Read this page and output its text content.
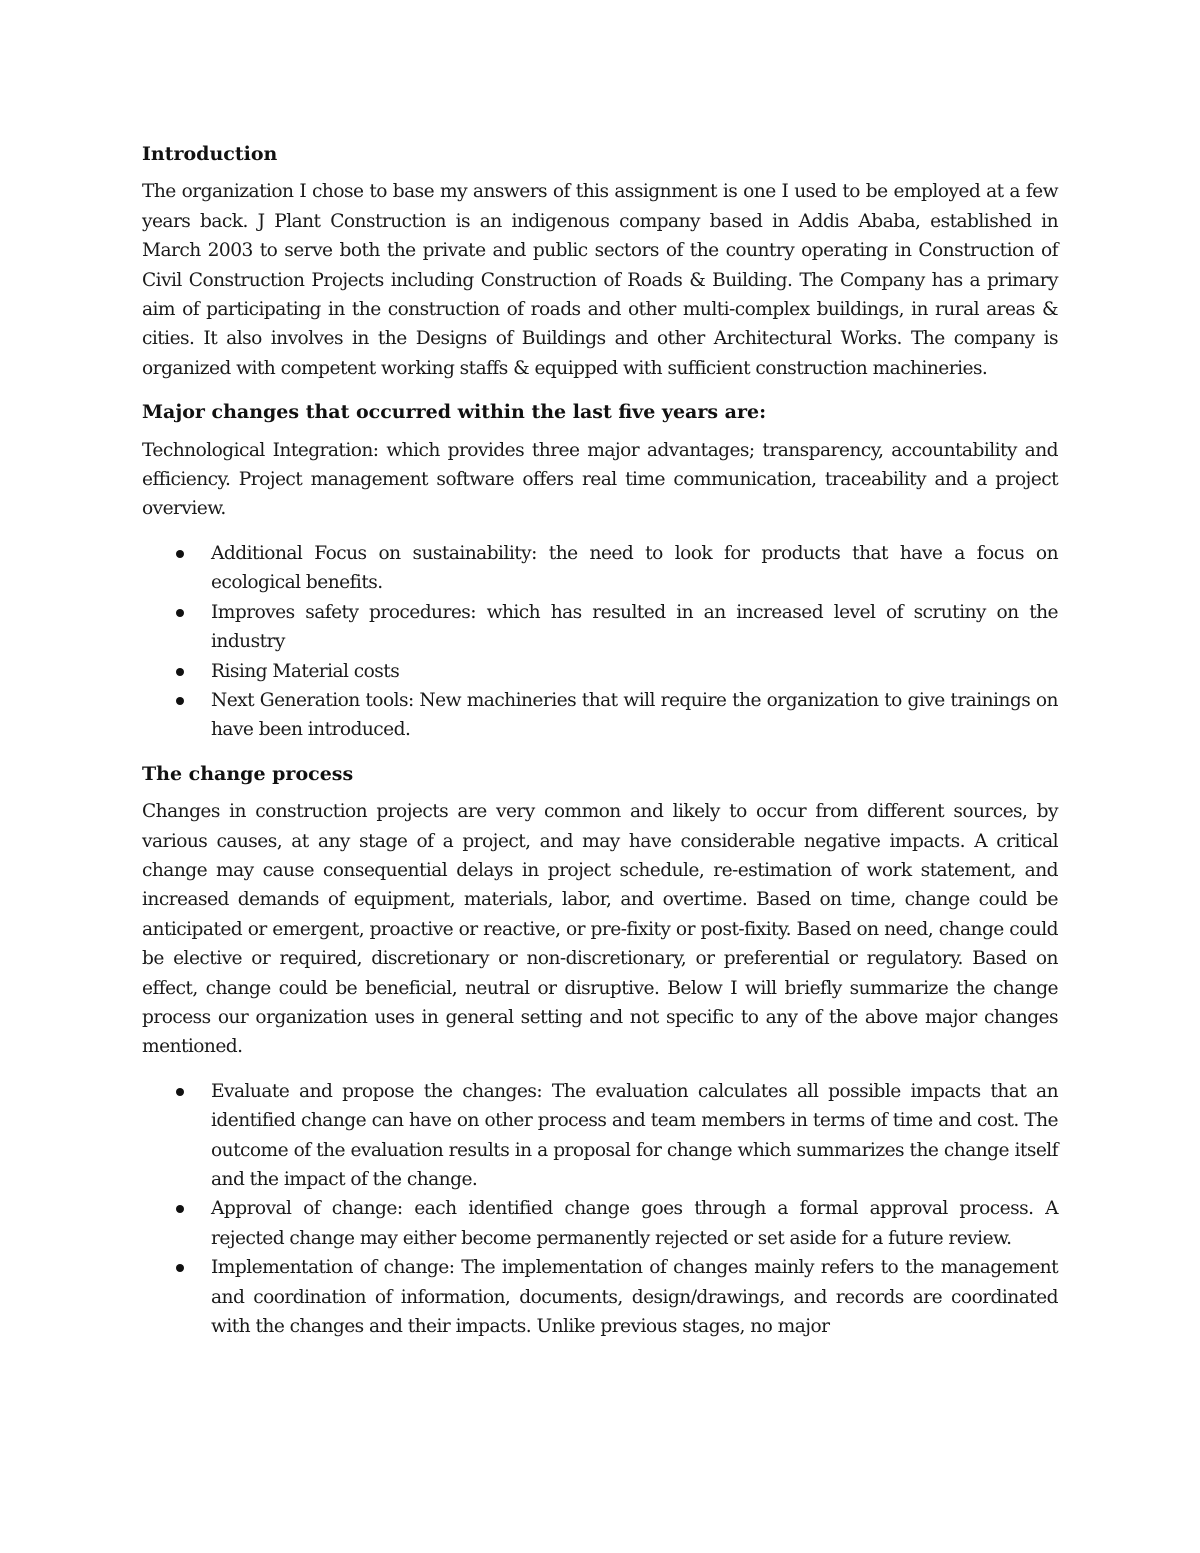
Introduction

The organization I chose to base my answers of this assignment is one I used to be employed at a few years back. J Plant Construction is an indigenous company based in Addis Ababa, established in March 2003 to serve both the private and public sectors of the country operating in Construction of Civil Construction Projects including Construction of Roads & Building. The Company has a primary aim of participating in the construction of roads and other multi-complex buildings, in rural areas & cities. It also involves in the Designs of Buildings and other Architectural Works. The company is organized with competent working staffs & equipped with sufficient construction machineries.

Major changes that occurred within the last five years are:

Technological Integration: which provides three major advantages; transparency, accountability and efficiency. Project management software offers real time communication, traceability and a project overview.

Additional Focus on sustainability: the need to look for products that have a focus on ecological benefits.
Improves safety procedures: which has resulted in an increased level of scrutiny on the industry
Rising Material costs
Next Generation tools: New machineries that will require the organization to give trainings on have been introduced.
The change process

Changes in construction projects are very common and likely to occur from different sources, by various causes, at any stage of a project, and may have considerable negative impacts. A critical change may cause consequential delays in project schedule, re-estimation of work statement, and increased demands of equipment, materials, labor, and overtime. Based on time, change could be anticipated or emergent, proactive or reactive, or pre-fixity or post-fixity. Based on need, change could be elective or required, discretionary or non-discretionary, or preferential or regulatory. Based on effect, change could be beneficial, neutral or disruptive. Below I will briefly summarize the change process our organization uses in general setting and not specific to any of the above major changes mentioned.

Evaluate and propose the changes: The evaluation calculates all possible impacts that an identified change can have on other process and team members in terms of time and cost. The outcome of the evaluation results in a proposal for change which summarizes the change itself and the impact of the change.
Approval of change: each identified change goes through a formal approval process. A rejected change may either become permanently rejected or set aside for a future review.
Implementation of change: The implementation of changes mainly refers to the management and coordination of information, documents, design/drawings, and records are coordinated with the changes and their impacts. Unlike previous stages, no major
